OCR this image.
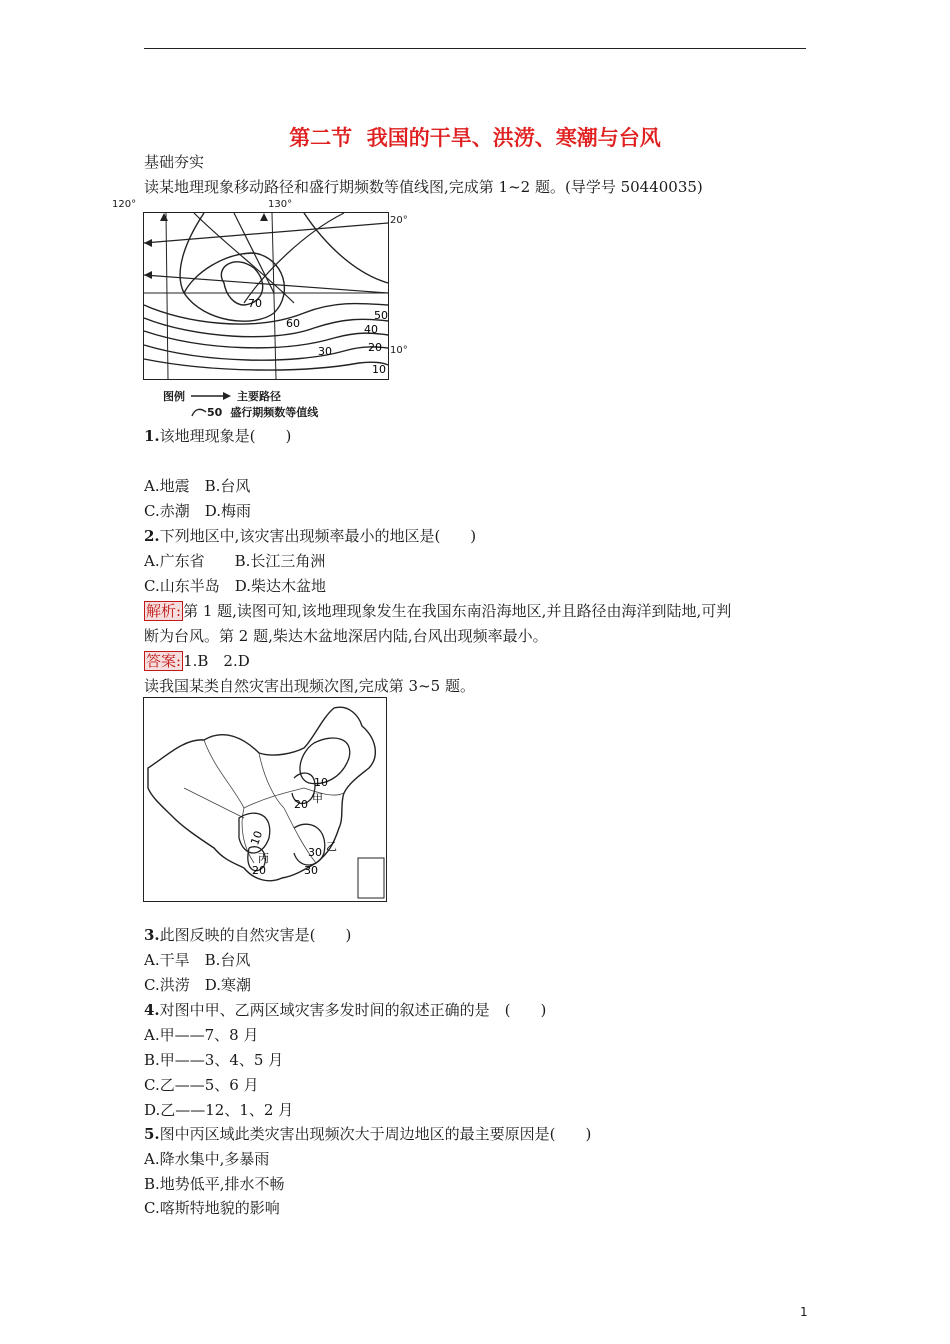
第二节  我国的干旱、洪涝、寒潮与台风
基础夯实
读某地理现象移动路径和盛行期频数等值线图,完成第 1~2 题。(导学号 50440035)
70
60
50
40
30	20
10
120°	130°
20°
10°
图例	主要路径
50 盛行期频数等值线
1.该地理现象是(　　)
A.地震　B.台风
C.赤潮　D.梅雨
2.下列地区中,该灾害出现频率最小的地区是(　　)
A.广东省　　B.长江三角洲
C.山东半岛　D.柴达木盆地
解析: 第 1 题,读图可知,该地理现象发生在我国东南沿海地区,并且路径由海洋到陆地,可判
断为台风。第 2 题,柴达木盆地深居内陆,台风出现频率最小。
答案: 1.B　2.D
读我国某类自然灾害出现频次图,完成第 3~5 题。
10
20
10
30
30
20
甲
乙
丙
3.此图反映的自然灾害是(　　)
A.干旱　B.台风
C.洪涝　D.寒潮
4.对图中甲、乙两区域灾害多发时间的叙述正确的是　(　　)
A.甲——7、8 月
B.甲——3、4、5 月
C.乙——5、6 月
D.乙——12、1、2 月
5.图中丙区域此类灾害出现频次大于周边地区的最主要原因是(　　)
A.降水集中,多暴雨
B.地势低平,排水不畅
C.喀斯特地貌的影响
1
